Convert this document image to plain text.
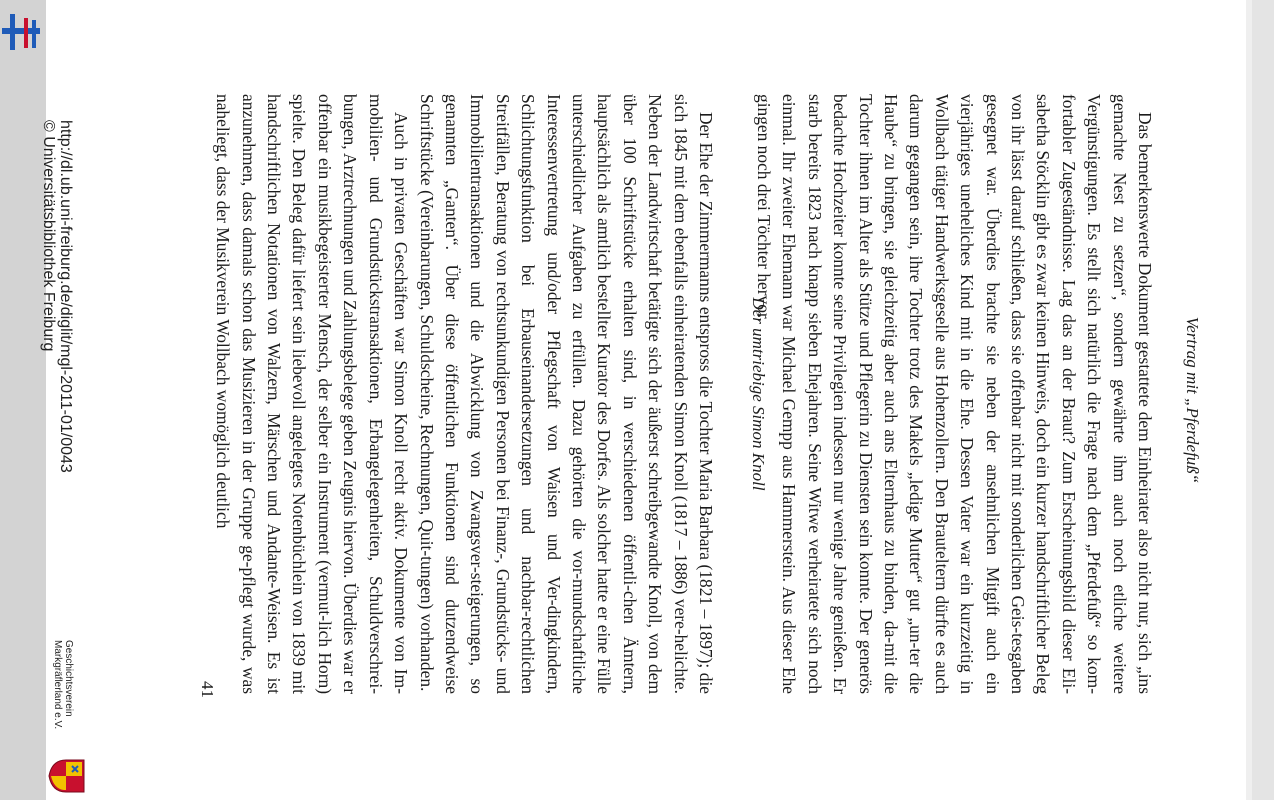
Vertrag mit „Pferdefuß“

Das bemerkenswerte Dokument gestattete dem Einheirater also nicht nur, sich „ins gemachte Nest zu setzen“, sondern gewährte ihm auch noch etliche weitere Vergünstigungen. Es stellt sich natürlich die Frage nach dem „Pferdefuß“ so kom-fortabler Zugeständnisse. Lag das an der Braut? Zum Erscheinungsbild dieser Eli-sabetha Stöcklin gibt es zwar keinen Hinweis, doch ein kurzer handschriftlicher Beleg von ihr lässt darauf schließen, dass sie offenbar nicht mit sonderlichen Geis-tesgaben gesegnet war. Überdies brachte sie neben der ansehnlichen Mitgift auch ein vierjähriges uneheliches Kind mit in die Ehe. Dessen Vater war ein kurzzeitig in Wollbach tätiger Handwerksgeselle aus Hohenzollern. Den Brauteltern dürfte es auch darum gegangen sein, ihre Tochter trotz des Makels „ledige Mutter“ gut „un-ter die Haube“ zu bringen, sie gleichzeitig aber auch ans Elternhaus zu binden, da-mit die Tochter ihnen im Alter als Stütze und Pflegerin zu Diensten sein konnte. Der generös bedachte Hochzeiter konnte seine Privilegien indessen nur wenige Jahre genießen. Er starb bereits 1823 nach knapp sieben Ehejahren. Seine Witwe verheiratete sich noch einmal. Ihr zweiter Ehemann war Michael Gempp aus Hammerstein. Aus dieser Ehe gingen noch drei Töchter hervor.

Der umtriebige Simon Knoll

Der Ehe der Zimmermanns entspross die Tochter Maria Barbara (1821 – 1897); die sich 1845 mit dem ebenfalls einheiratenden Simon Knoll (1817 – 1886) vere-helichte. Neben der Landwirtschaft betätigte sich der äußerst schreibgewandte Knoll, von dem über 100 Schriftstücke erhalten sind, in verschiedenen öffentli-chen Ämtern, hauptsächlich als amtlich bestellter Kurator des Dorfes. Als solcher hatte er eine Fülle unterschiedlicher Aufgaben zu erfüllen. Dazu gehörten die vor-mundschaftliche Interessenvertretung und/oder Pflegschaft von Waisen und Ver-dingkindern, Schlichtungsfunktion bei Erbauseinandersetzungen und nachbar-rechtlichen Streitfällen, Beratung von rechtsunkundigen Personen bei Finanz-, Grundstücks- und Immobilientransaktionen und die Abwicklung von Zwangsver-steigerungen, so genannten „Ganten“. Über diese öffentlichen Funktionen sind dutzendweise Schriftstücke (Vereinbarungen, Schuldscheine, Rechnungen, Quit-tungen) vorhanden.

Auch in privaten Geschäften war Simon Knoll recht aktiv. Dokumente von Im-mobilien- und Grundstückstransaktionen, Erbangelegenheiten, Schuldverschrei-bungen, Arztrechnungen und Zahlungsbelege geben Zeugnis hiervon. Überdies war er offenbar ein musikbegeisterter Mensch, der selber ein Instrument (vermut-lich Horn) spielte. Den Beleg dafür liefert sein liebevoll angelegtes Notenbüchlein von 1839 mit handschriftlichen Notationen von Walzern, Märschen und Andante-Weisen. Es ist anzunehmen, dass damals schon das Musizieren in der Gruppe ge-pflegt wurde, was naheliegt, dass der Musikverein Wollbach womöglich deutlich

41
http://dl.ub.uni-freiburg.de/diglit/mgl-2011-01/0043
© Universitätsbibliothek Freiburg
Geschichtsverein
Markgräflerland e.V.
